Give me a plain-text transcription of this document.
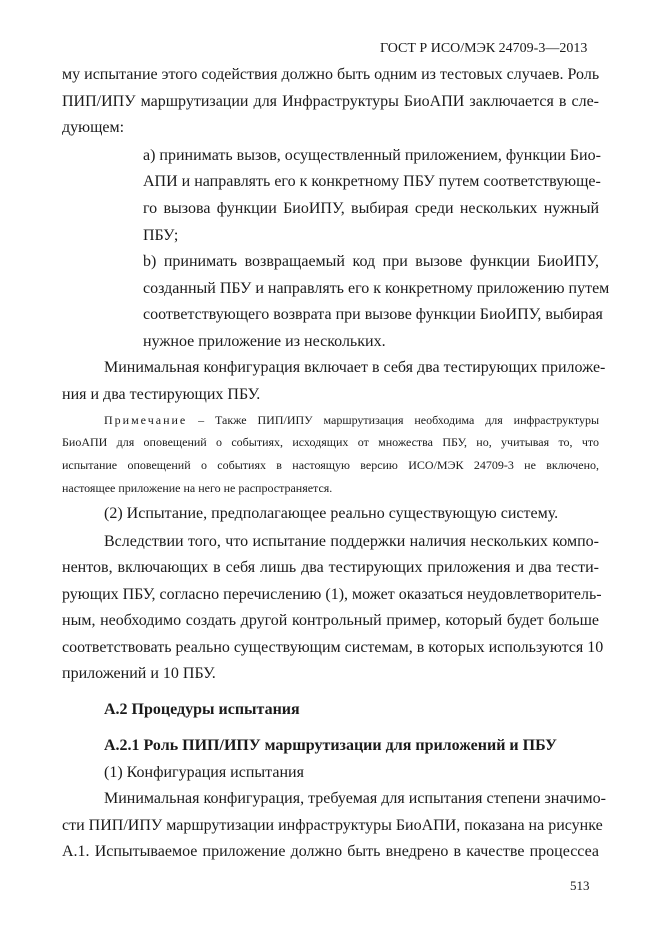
ГОСТ Р ИСО/МЭК 24709-3—2013
му испытание этого содействия должно быть одним из тестовых случаев. Роль
ПИП/ИПУ маршрутизации для Инфраструктуры БиоАПИ заключается в сле-
дующем:
а) принимать вызов, осуществленный приложением, функции Био-
АПИ и направлять его к конкретному ПБУ путем соответствующе-
го вызова функции БиоИПУ, выбирая среди нескольких нужный
ПБУ;
b) принимать возвращаемый код при вызове функции БиоИПУ,
созданный ПБУ и направлять его к конкретному приложению путем
соответствующего возврата при вызове функции БиоИПУ, выбирая
нужное приложение из нескольких.
Минимальная конфигурация включает в себя два тестирующих приложе-
ния и два тестирующих ПБУ.
Примечание – Также ПИП/ИПУ маршрутизация необходима для инфраструктуры
БиоАПИ для оповещений о событиях, исходящих от множества ПБУ, но, учитывая то, что
испытание оповещений о событиях в настоящую версию ИСО/МЭК 24709-3 не включено,
настоящее приложение на него не распространяется.
(2) Испытание, предполагающее реально существующую систему.
Вследствии того, что испытание поддержки наличия нескольких компо-
нентов, включающих в себя лишь два тестирующих приложения и два тести-
рующих ПБУ, согласно перечислению (1), может оказаться неудовлетворитель-
ным, необходимо создать другой контрольный пример, который будет больше
соответствовать реально существующим системам, в которых используются 10
приложений и 10 ПБУ.
А.2 Процедуры испытания
А.2.1 Роль ПИП/ИПУ маршрутизации для приложений и ПБУ
(1) Конфигурация испытания
Минимальная конфигурация, требуемая для испытания степени значимо-
сти ПИП/ИПУ маршрутизации инфраструктуры БиоАПИ, показана на рисунке
А.1. Испытываемое приложение должно быть внедрено в качестве процессеа
513
